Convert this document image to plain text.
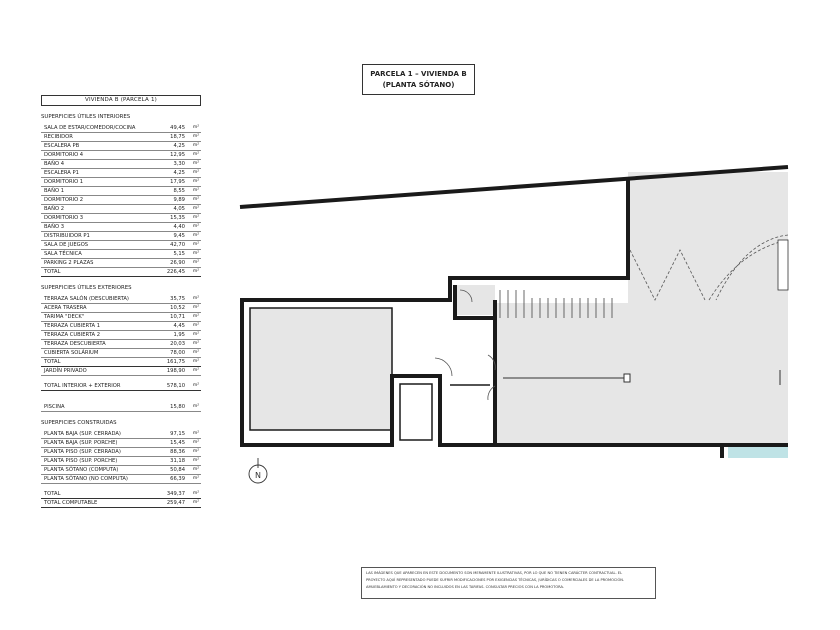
PARCELA 1 – VIVIENDA B
(PLANTA SÓTANO)
VIVIENDA B (PARCELA 1)
SUPERFICIES ÚTILES INTERIORES
SALA DE ESTAR/COMEDOR/COCINA	49,45	m²
RECIBIDOR	18,75	m²
ESCALERA PB	4,25	m²
DORMITORIO 4	12,95	m²
BAÑO 4	3,30	m²
ESCALERA P1	4,25	m²
DORMITORIO 1	17,95	m²
BAÑO 1	8,55	m²
DORMITORIO 2	9,89	m²
BAÑO 2	4,05	m²
DORMITORIO 3	15,35	m²
BAÑO 3	4,40	m²
DISTRIBUIDOR P1	9,45	m²
SALA DE JUEGOS	42,70	m²
SALA TÉCNICA	5,15	m²
PARKING 2 PLAZAS	26,90	m²
TOTAL	226,45	m²
SUPERFICIES ÚTILES EXTERIORES
TERRAZA SALÓN (DESCUBIERTA)	35,75	m²
ACERA TRASERA	10,52	m²
TARIMA "DECK"	10,71	m²
TERRAZA CUBIERTA 1	4,45	m²
TERRAZA CUBIERTA 2	1,95	m²
TERRAZA DESCUBIERTA	20,03	m²
CUBIERTA SOLÁRIUM	78,00	m²
TOTAL	161,75	m²
JARDÍN PRIVADO	198,90	m²
TOTAL INTERIOR + EXTERIOR	578,10	m²
PISCINA	15,80	m²
SUPERFICIES CONSTRUIDAS
PLANTA BAJA (SUP. CERRADA)	97,15	m²
PLANTA BAJA (SUP. PORCHE)	15,45	m²
PLANTA PISO (SUP. CERRADA)	88,36	m²
PLANTA PISO (SUP. PORCHE)	31,18	m²
PLANTA SÓTANO (COMPUTA)	50,84	m²
PLANTA SÓTANO (NO COMPUTA)	66,39	m²
TOTAL	349,37	m²
TOTAL COMPUTABLE	259,47	m²
N
LAS IMÁGENES QUE APARECEN EN ESTE DOCUMENTO SON MERAMENTE ILUSTRATIVAS, POR LO QUE NO TIENEN CARÁCTER CONTRACTUAL. EL
PROYECTO AQUÍ REPRESENTADO PUEDE SUFRIR MODIFICACIONES POR EXIGENCIAS TÉCNICAS, JURÍDICAS O COMERCIALES DE LA PROMOCIÓN.
AMUEBLAMIENTO Y DECORACIÓN NO INCLUIDOS EN LAS TARIFAS. CONSULTAR PRECIOS CON LA PROMOTORA.
